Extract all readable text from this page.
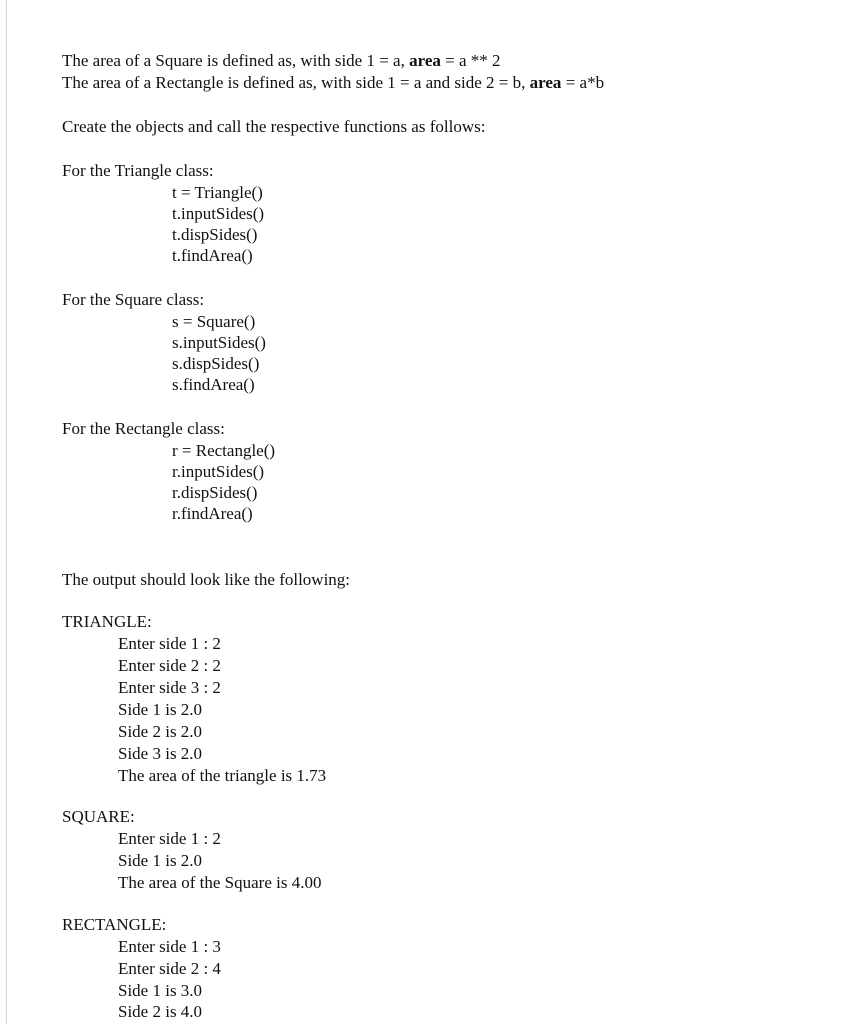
The area of a Square is defined as, with side 1 = a, area = a ** 2
The area of a Rectangle is defined as, with side 1 = a and side 2 = b, area = a*b
Create the objects and call the respective functions as follows:
For the Triangle class:
t = Triangle()
t.inputSides()
t.dispSides()
t.findArea()
For the Square class:
s = Square()
s.inputSides()
s.dispSides()
s.findArea()
For the Rectangle class:
r = Rectangle()
r.inputSides()
r.dispSides()
r.findArea()
The output should look like the following:
TRIANGLE:
Enter side 1 : 2
Enter side 2 : 2
Enter side 3 : 2
Side 1 is 2.0
Side 2 is 2.0
Side 3 is 2.0
The area of the triangle is 1.73
SQUARE:
Enter side 1 : 2
Side 1 is 2.0
The area of the Square is 4.00
RECTANGLE:
Enter side 1 : 3
Enter side 2 : 4
Side 1 is 3.0
Side 2 is 4.0
